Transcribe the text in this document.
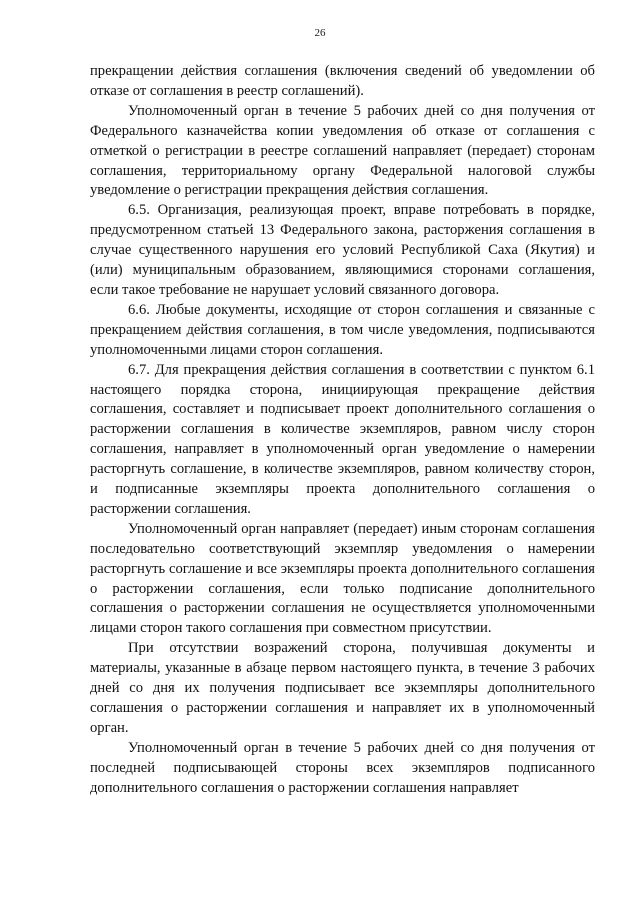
26

прекращении действия соглашения (включения сведений об уведомлении об отказе от соглашения в реестр соглашений).

Уполномоченный орган в течение 5 рабочих дней со дня получения от Федерального казначейства копии уведомления об отказе от соглашения с отметкой о регистрации в реестре соглашений направляет (передает) сторонам соглашения, территориальному органу Федеральной налоговой службы уведомление о регистрации прекращения действия соглашения.

6.5. Организация, реализующая проект, вправе потребовать в порядке, предусмотренном статьей 13 Федерального закона, расторжения соглашения в случае существенного нарушения его условий Республикой Саха (Якутия) и (или) муниципальным образованием, являющимися сторонами соглашения, если такое требование не нарушает условий связанного договора.

6.6. Любые документы, исходящие от сторон соглашения и связанные с прекращением действия соглашения, в том числе уведомления, подписываются уполномоченными лицами сторон соглашения.

6.7. Для прекращения действия соглашения в соответствии с пунктом 6.1 настоящего порядка сторона, инициирующая прекращение действия соглашения, составляет и подписывает проект дополнительного соглашения о расторжении соглашения в количестве экземпляров, равном числу сторон соглашения, направляет в уполномоченный орган уведомление о намерении расторгнуть соглашение, в количестве экземпляров, равном количеству сторон, и подписанные экземпляры проекта дополнительного соглашения о расторжении соглашения.

Уполномоченный орган направляет (передает) иным сторонам соглашения последовательно соответствующий экземпляр уведомления о намерении расторгнуть соглашение и все экземпляры проекта дополнительного соглашения о расторжении соглашения, если только подписание дополнительного соглашения о расторжении соглашения не осуществляется уполномоченными лицами сторон такого соглашения при совместном присутствии.

При отсутствии возражений сторона, получившая документы и материалы, указанные в абзаце первом настоящего пункта, в течение 3 рабочих дней со дня их получения подписывает все экземпляры дополнительного соглашения о расторжении соглашения и направляет их в уполномоченный орган.

Уполномоченный орган в течение 5 рабочих дней со дня получения от последней подписывающей стороны всех экземпляров подписанного дополнительного соглашения о расторжении соглашения направляет
